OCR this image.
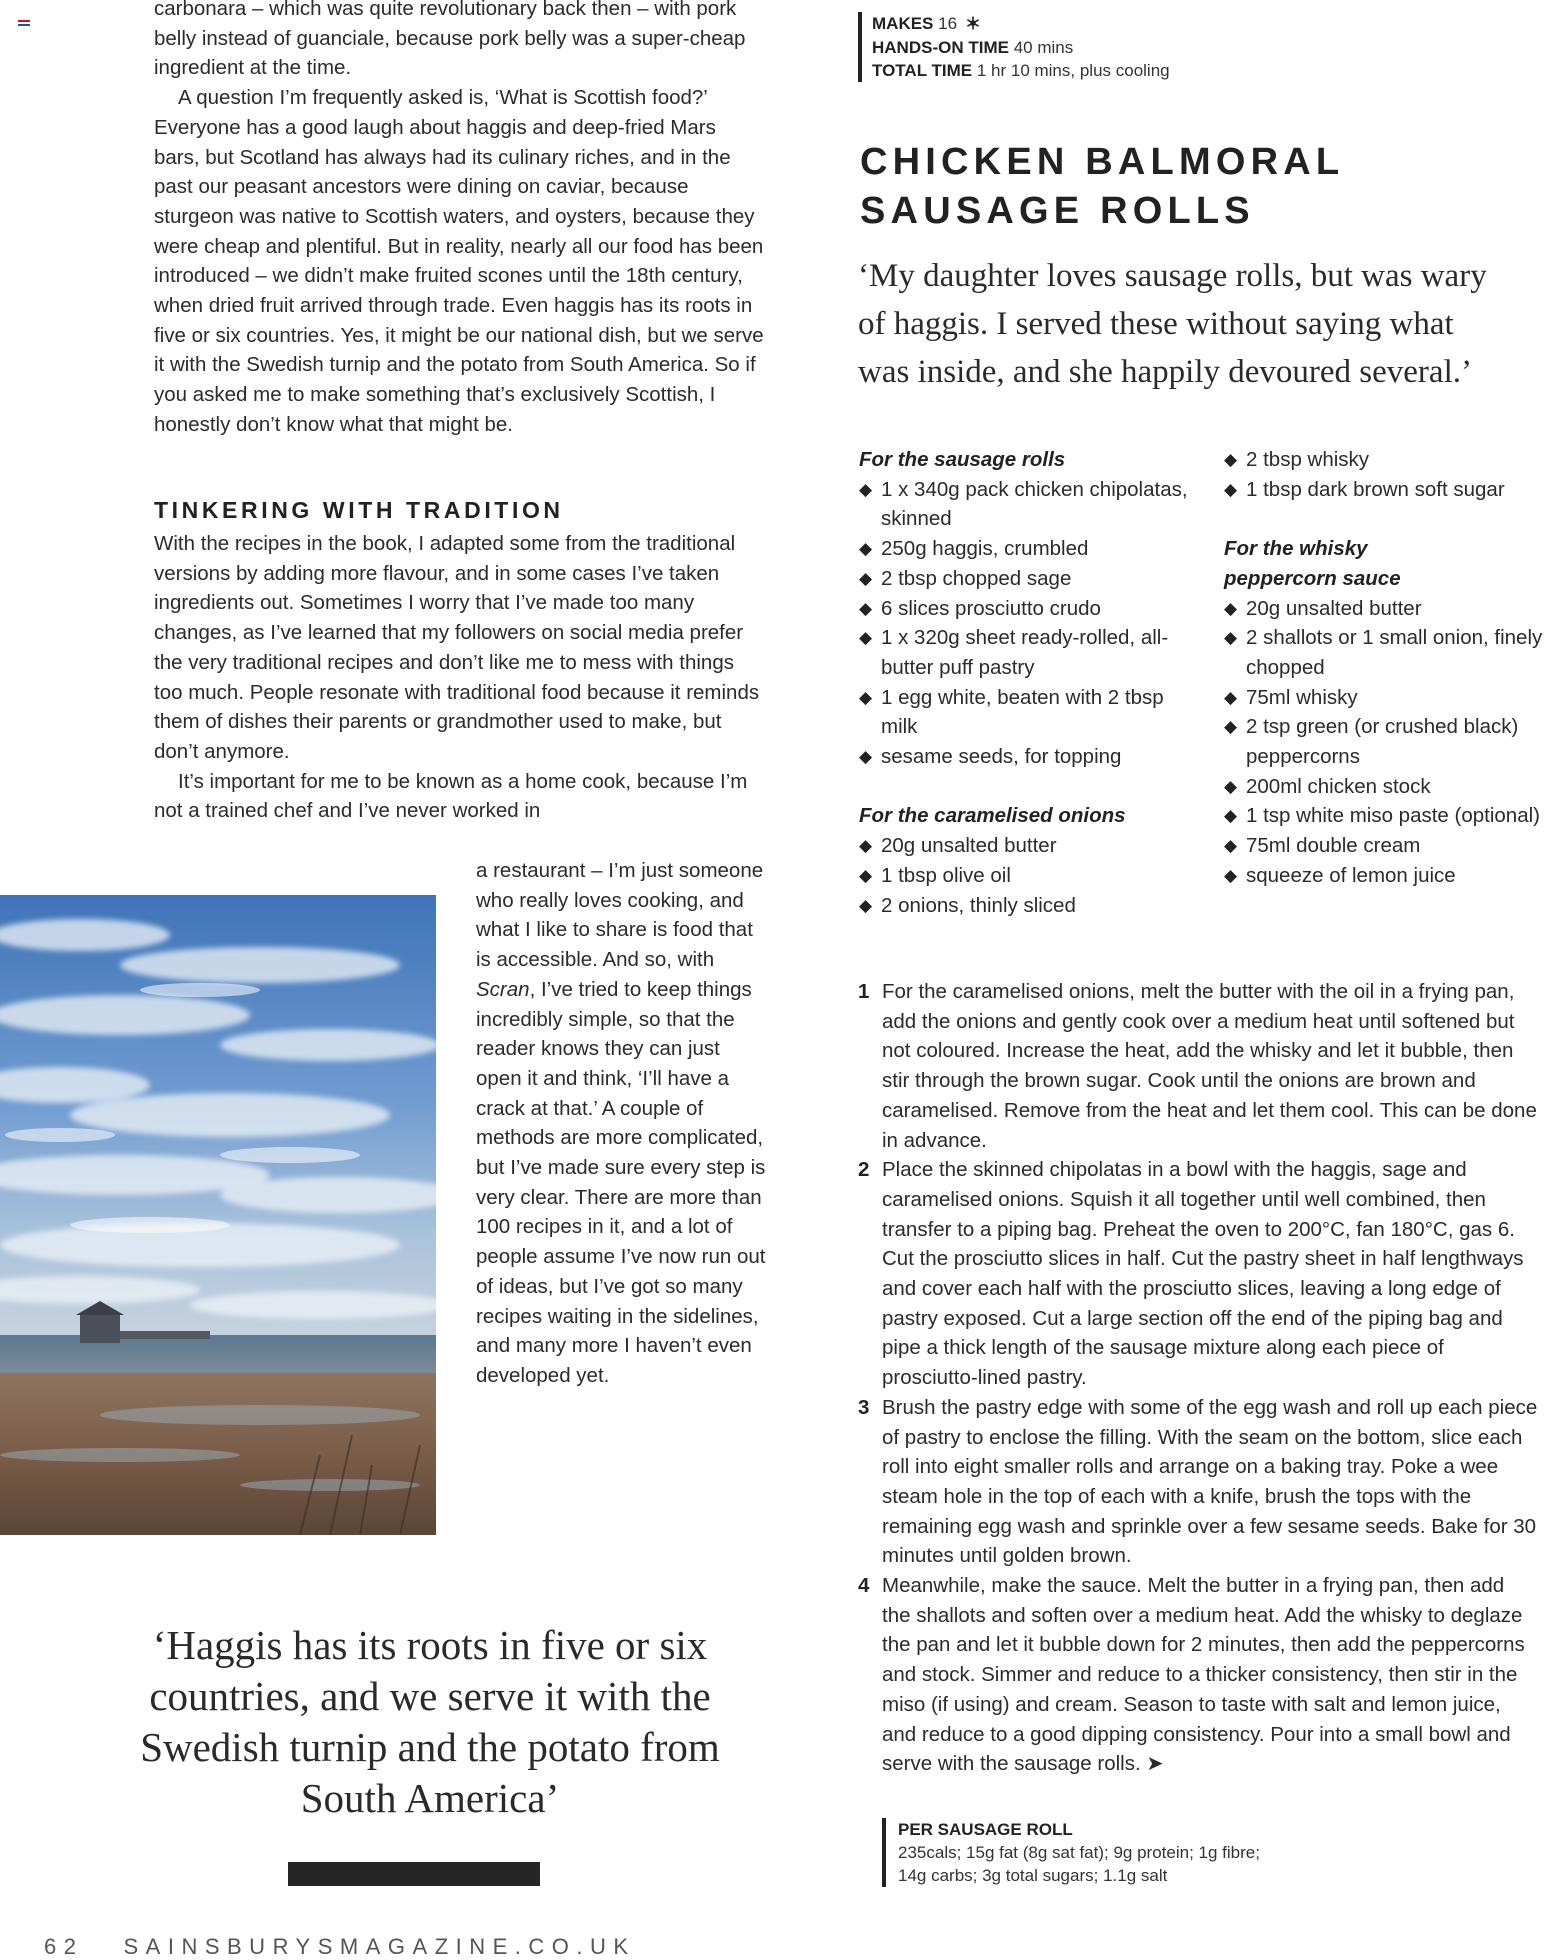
carbonara – which was quite revolutionary back then – with pork belly instead of guanciale, because pork belly was a super-cheap ingredient at the time.

A question I’m frequently asked is, ‘What is Scottish food?’ Everyone has a good laugh about haggis and deep-fried Mars bars, but Scotland has always had its culinary riches, and in the past our peasant ancestors were dining on caviar, because sturgeon was native to Scottish waters, and oysters, because they were cheap and plentiful. But in reality, nearly all our food has been introduced – we didn’t make fruited scones until the 18th century, when dried fruit arrived through trade. Even haggis has its roots in five or six countries. Yes, it might be our national dish, but we serve it with the Swedish turnip and the potato from South America. So if you asked me to make something that’s exclusively Scottish, I honestly don’t know what that might be.

TINKERING WITH TRADITION

With the recipes in the book, I adapted some from the traditional versions by adding more flavour, and in some cases I’ve taken ingredients out. Sometimes I worry that I’ve made too many changes, as I’ve learned that my followers on social media prefer the very traditional recipes and don’t like me to mess with things too much. People resonate with traditional food because it reminds them of dishes their parents or grandmother used to make, but don’t anymore.

It’s important for me to be known as a home cook, because I’m not a trained chef and I’ve never worked in

a restaurant – I’m just someone who really loves cooking, and what I like to share is food that is accessible. And so, with Scran, I’ve tried to keep things incredibly simple, so that the reader knows they can just open it and think, ‘I’ll have a crack at that.’ A couple of methods are more complicated, but I’ve made sure every step is very clear. There are more than 100 recipes in it, and a lot of people assume I’ve now run out of ideas, but I’ve got so many recipes waiting in the sidelines, and many more I haven’t even developed yet.

‘Haggis has its roots in five or six countries, and we serve it with the Swedish turnip and the potato from South America’
62 SAINSBURYSMAGAZINE.CO.UK
MAKES 16
HANDS-ON TIME 40 mins
TOTAL TIME 1 hr 10 mins, plus cooling
CHICKEN BALMORAL SAUSAGE ROLLS
‘My daughter loves sausage rolls, but was wary of haggis. I served these without saying what was inside, and she happily devoured several.’
For the sausage rolls
◆ 1 x 340g pack chicken chipolatas, skinned
◆ 250g haggis, crumbled
◆ 2 tbsp chopped sage
◆ 6 slices prosciutto crudo
◆ 1 x 320g sheet ready-rolled, all-butter puff pastry
◆ 1 egg white, beaten with 2 tbsp milk
◆ sesame seeds, for topping
For the caramelised onions
◆ 20g unsalted butter
◆ 1 tbsp olive oil
◆ 2 onions, thinly sliced
◆ 2 tbsp whisky
◆ 1 tbsp dark brown soft sugar
For the whisky
peppercorn sauce
◆ 20g unsalted butter
◆ 2 shallots or 1 small onion, finely chopped
◆ 75ml whisky
◆ 2 tsp green (or crushed black) peppercorns
◆ 200ml chicken stock
◆ 1 tsp white miso paste (optional)
◆ 75ml double cream
◆ squeeze of lemon juice
1 For the caramelised onions, melt the butter with the oil in a frying pan, add the onions and gently cook over a medium heat until softened but not coloured. Increase the heat, add the whisky and let it bubble, then stir through the brown sugar. Cook until the onions are brown and caramelised. Remove from the heat and let them cool. This can be done in advance.
2 Place the skinned chipolatas in a bowl with the haggis, sage and caramelised onions. Squish it all together until well combined, then transfer to a piping bag. Preheat the oven to 200°C, fan 180°C, gas 6. Cut the prosciutto slices in half. Cut the pastry sheet in half lengthways and cover each half with the prosciutto slices, leaving a long edge of pastry exposed. Cut a large section off the end of the piping bag and pipe a thick length of the sausage mixture along each piece of prosciutto-lined pastry.
3 Brush the pastry edge with some of the egg wash and roll up each piece of pastry to enclose the filling. With the seam on the bottom, slice each roll into eight smaller rolls and arrange on a baking tray. Poke a wee steam hole in the top of each with a knife, brush the tops with the remaining egg wash and sprinkle over a few sesame seeds. Bake for 30 minutes until golden brown.
4 Meanwhile, make the sauce. Melt the butter in a frying pan, then add the shallots and soften over a medium heat. Add the whisky to deglaze the pan and let it bubble down for 2 minutes, then add the peppercorns and stock. Simmer and reduce to a thicker consistency, then stir in the miso (if using) and cream. Season to taste with salt and lemon juice, and reduce to a good dipping consistency. Pour into a small bowl and serve with the sausage rolls. ➤
PER SAUSAGE ROLL
235cals; 15g fat (8g sat fat); 9g protein; 1g fibre;
14g carbs; 3g total sugars; 1.1g salt
